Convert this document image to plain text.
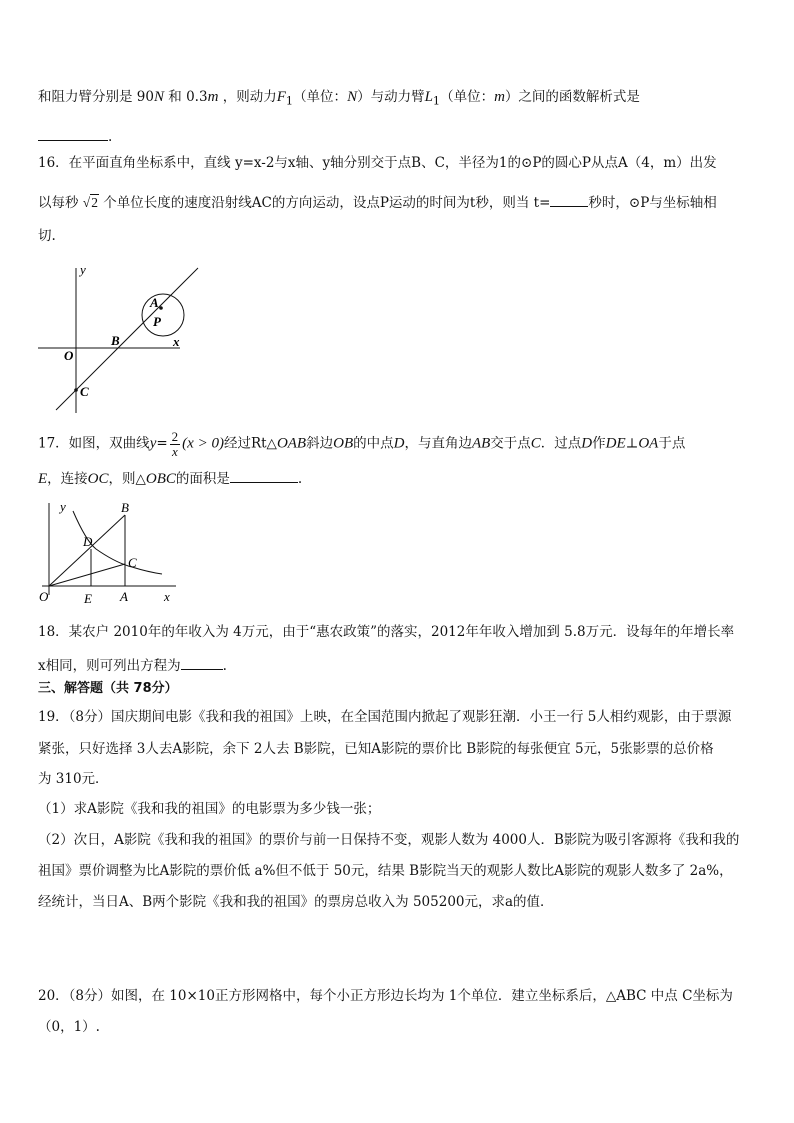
和阻力臂分别是 90N 和 0.3m ，则动力$F_1$（单位：N）与动力臂$L_1$（单位：m）之间的函数解析式是
.
16．在平面直角坐标系中，直线 y=x-2与x轴、y轴分别交于点B、C，半径为1的⊙P的圆心P从点A（4，m）出发
以每秒 √2 个单位长度的速度沿射线AC的方向运动，设点P运动的时间为t秒，则当 t=	秒时，⊙P与坐标轴相
切.
y
x
O
B
C
A
P
17．如图，双曲线$y= \frac{2}{x} (x > 0)$经过Rt△OAB斜边OB的中点D，与直角边AB交于点C．过点D作DE⊥OA于点
E，连接OC，则△OBC的面积是	.
y
x
O	E A
B
C
D
18．某农户 2010年的年收入为 4万元，由于“惠农政策”的落实，2012年年收入增加到 5.8万元．设每年的年增长率
x相同，则可列出方程为	.
三、解答题（共 78分）
19．（8分）国庆期间电影《我和我的祖国》上映，在全国范围内掀起了观影狂潮．小王一行 5人相约观影，由于票源
紧张，只好选择 3人去A影院，余下 2人去 B影院，已知A影院的票价比 B影院的每张便宜 5元，5张影票的总价格
为 310元．
（1）求A影院《我和我的祖国》的电影票为多少钱一张；
（2）次日，A影院《我和我的祖国》的票价与前一日保持不变，观影人数为 4000人．B影院为吸引客源将《我和我的
祖国》票价调整为比A影院的票价低 a%但不低于 50元，结果 B影院当天的观影人数比A影院的观影人数多了 2a%，
经统计，当日A、B两个影院《我和我的祖国》的票房总收入为 505200元，求a的值．
20．（8分）如图，在 10×10正方形网格中，每个小正方形边长均为 1个单位．建立坐标系后，△ABC 中点 C坐标为
（0，1）.
